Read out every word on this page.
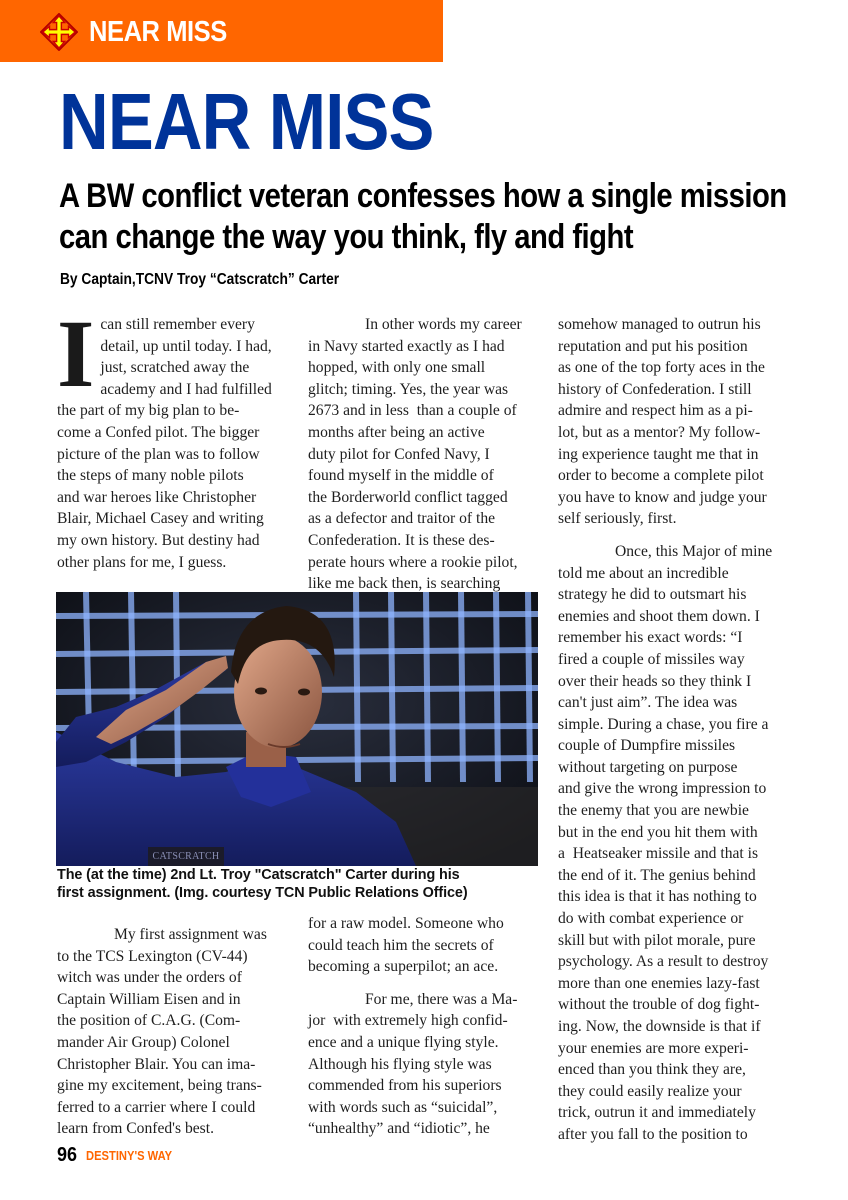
NEAR MISS
NEAR MISS
A BW conflict veteran confesses how a single mission
can change the way you think, fly and fight
By Captain,TCNV Troy “Catscratch” Carter
I can still remember every
detail, up until today. I had,
just, scratched away the
academy and I had fulfilled
the part of my big plan to be-
come a Confed pilot. The bigger
picture of the plan was to follow
the steps of many noble pilots
and war heroes like Christopher
Blair, Michael Casey and writing
my own history. But destiny had
other plans for me, I guess.
In other words my career
in Navy started exactly as I had
hopped, with only one small
glitch; timing. Yes, the year was
2673 and in less  than a couple of
months after being an active
duty pilot for Confed Navy, I
found myself in the middle of
the Borderworld conflict tagged
as a defector and traitor of the
Confederation. It is these des-
perate hours where a rookie pilot,
like me back then, is searching
somehow managed to outrun his
reputation and put his position
as one of the top forty aces in the
history of Confederation. I still
admire and respect him as a pi-
lot, but as a mentor? My follow-
ing experience taught me that in
order to become a complete pilot
you have to know and judge your
self seriously, first.
Once, this Major of mine
told me about an incredible
strategy he did to outsmart his
enemies and shoot them down. I
remember his exact words: “I
fired a couple of missiles way
over their heads so they think I
can't just aim”. The idea was
simple. During a chase, you fire a
couple of Dumpfire missiles
without targeting on purpose
and give the wrong impression to
the enemy that you are newbie
but in the end you hit them with
a  Heatseaker missile and that is
the end of it. The genius behind
this idea is that it has nothing to
do with combat experience or
skill but with pilot morale, pure
psychology. As a result to destroy
more than one enemies lazy-fast
without the trouble of dog fight-
ing. Now, the downside is that if
your enemies are more experi-
enced than you think they are,
they could easily realize your
trick, outrun it and immediately
after you fall to the position to
CATSCRATCH
The (at the time) 2nd Lt. Troy "Catscratch" Carter during his
first assignment. (Img. courtesy TCN Public Relations Office)
My first assignment was
to the TCS Lexington (CV-44)
witch was under the orders of
Captain William Eisen and in
the position of C.A.G. (Com-
mander Air Group) Colonel
Christopher Blair. You can ima-
gine my excitement, being trans-
ferred to a carrier where I could
learn from Confed's best.
for a raw model. Someone who
could teach him the secrets of
becoming a superpilot; an ace.
For me, there was a Ma-
jor  with extremely high confid-
ence and a unique flying style.
Although his flying style was
commended from his superiors
with words such as “suicidal”,
“unhealthy” and “idiotic”, he
96 DESTINY'S WAY
